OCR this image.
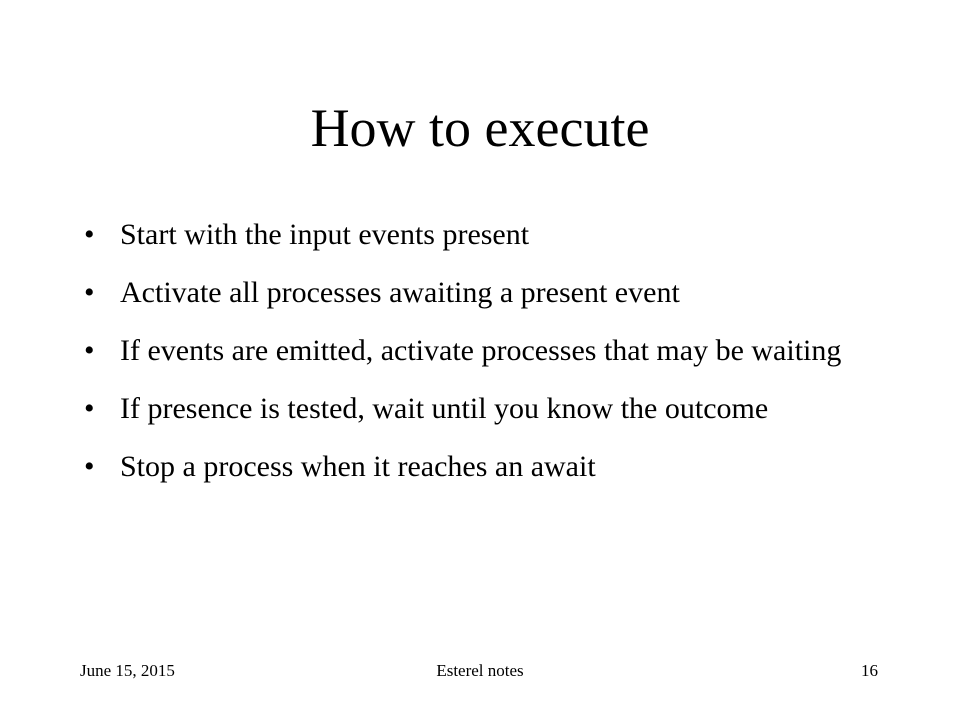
How to execute
• Start with the input events present
• Activate all processes awaiting a present event
• If events are emitted, activate processes that may be waiting
• If presence is tested, wait until you know the outcome
• Stop a process when it reaches an await
June 15, 2015	Esterel notes	16
